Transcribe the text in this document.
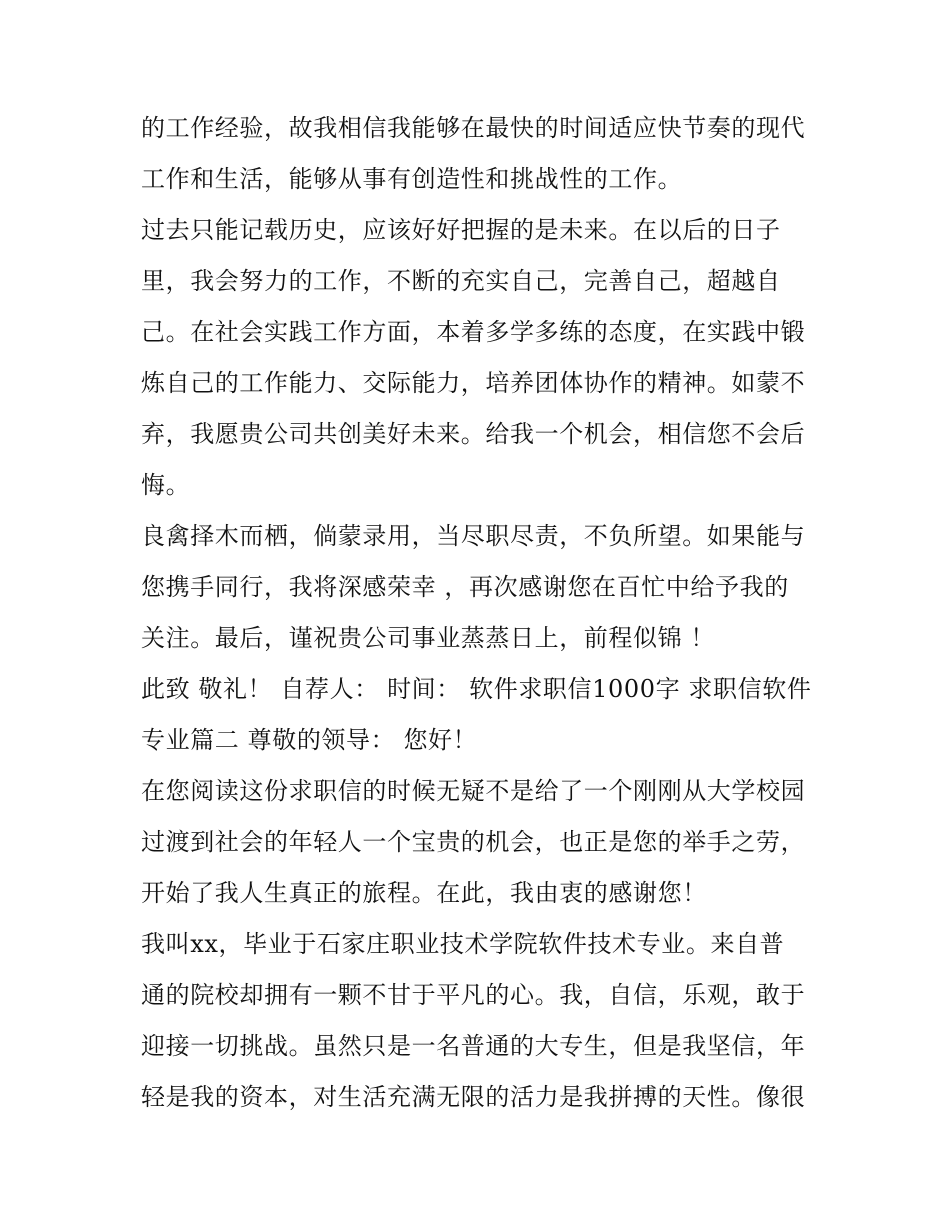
的工作经验，故我相信我能够在最快的时间适应快节奏的现代
工作和生活，能够从事有创造性和挑战性的工作。
过去只能记载历史，应该好好把握的是未来。在以后的日子
里，我会努力的工作，不断的充实自己，完善自己，超越自
己。在社会实践工作方面，本着多学多练的态度，在实践中锻
炼自己的工作能力、交际能力，培养团体协作的精神。如蒙不
弃，我愿贵公司共创美好未来。给我一个机会，相信您不会后
悔。
良禽择木而栖，倘蒙录用，当尽职尽责，不负所望。如果能与
您携手同行，我将深感荣幸 ，再次感谢您在百忙中给予我的
关注。最后，谨祝贵公司事业蒸蒸日上，前程似锦 ！
此致 敬礼！ 自荐人： 时间： 软件求职信1000字 求职信软件
专业篇二 尊敬的领导： 您好！
在您阅读这份求职信的时候无疑不是给了一个刚刚从大学校园
过渡到社会的年轻人一个宝贵的机会，也正是您的举手之劳，
开始了我人生真正的旅程。在此，我由衷的感谢您！
我叫xx，毕业于石家庄职业技术学院软件技术专业。来自普
通的院校却拥有一颗不甘于平凡的心。我，自信，乐观，敢于
迎接一切挑战。虽然只是一名普通的大专生，但是我坚信，年
轻是我的资本，对生活充满无限的活力是我拼搏的天性。像很
